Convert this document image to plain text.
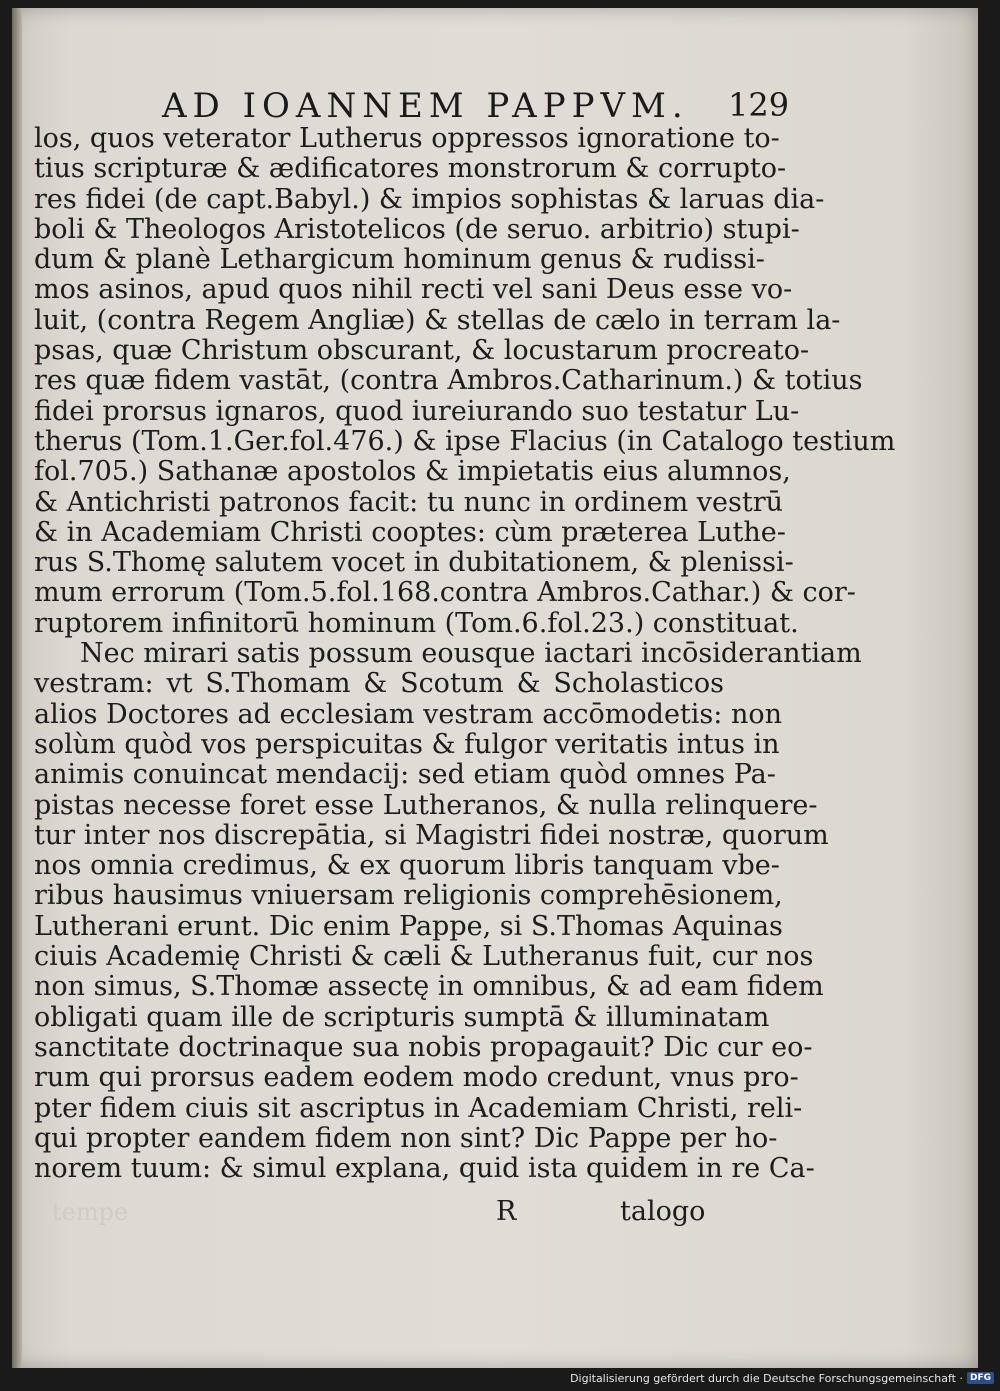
AD IOANNEM PAPPVM. 129
los, quos veterator Lutherus oppressos ignoratione to-
tius scripturæ & ædificatores monstrorum & corrupto-
res fidei (de capt.Babyl.) & impios sophistas & laruas dia-
boli & Theologos Aristotelicos (de seruo. arbitrio) stupi-
dum & planè Lethargicum hominum genus & rudissi-
mos asinos, apud quos nihil recti vel sani Deus esse vo-
luit, (contra Regem Angliæ) & stellas de cælo in terram la-
psas, quæ Christum obscurant, & locustarum procreato-
res quæ fidem vastāt, (contra Ambros.Catharinum.) & totius
fidei prorsus ignaros, quod iureiurando suo testatur Lu-
therus (Tom.1.Ger.fol.476.) & ipse Flacius (in Catalogo testium
fol.705.) Sathanæ apostolos & impietatis eius alumnos,
& Antichristi patronos facit: tu nunc in ordinem vestrū
& in Academiam Christi cooptes: cùm præterea Luthe-
rus S.Thomę salutem vocet in dubitationem, & plenissi-
mum errorum (Tom.5.fol.168.contra Ambros.Cathar.) & cor-
ruptorem infinitorū hominum (Tom.6.fol.23.) constituat.
Nec mirari satis possum eousque iactari incōsiderantiam
vestram: vt S.Thomam & Scotum & Scholasticos
alios Doctores ad ecclesiam vestram accōmodetis: non
solùm quòd vos perspicuitas & fulgor veritatis intus in
animis conuincat mendacij: sed etiam quòd omnes Pa-
pistas necesse foret esse Lutheranos, & nulla relinquere-
tur inter nos discrepātia, si Magistri fidei nostræ, quorum
nos omnia credimus, & ex quorum libris tanquam vbe-
ribus hausimus vniuersam religionis comprehēsionem,
Lutherani erunt. Dic enim Pappe, si S.Thomas Aquinas
ciuis Academię Christi & cæli & Lutheranus fuit, cur nos
non simus, S.Thomæ assectę in omnibus, & ad eam fidem
obligati quam ille de scripturis sumptā & illuminatam
sanctitate doctrinaque sua nobis propagauit? Dic cur eo-
rum qui prorsus eadem eodem modo credunt, vnus pro-
pter fidem ciuis sit ascriptus in Academiam Christi, reli-
qui propter eandem fidem non sint? Dic Pappe per ho-
norem tuum: & simul explana, quid ista quidem in re Ca-
tempe	R	talogo
Digitalisierung gefördert durch die Deutsche Forschungsgemeinschaft · DFG
